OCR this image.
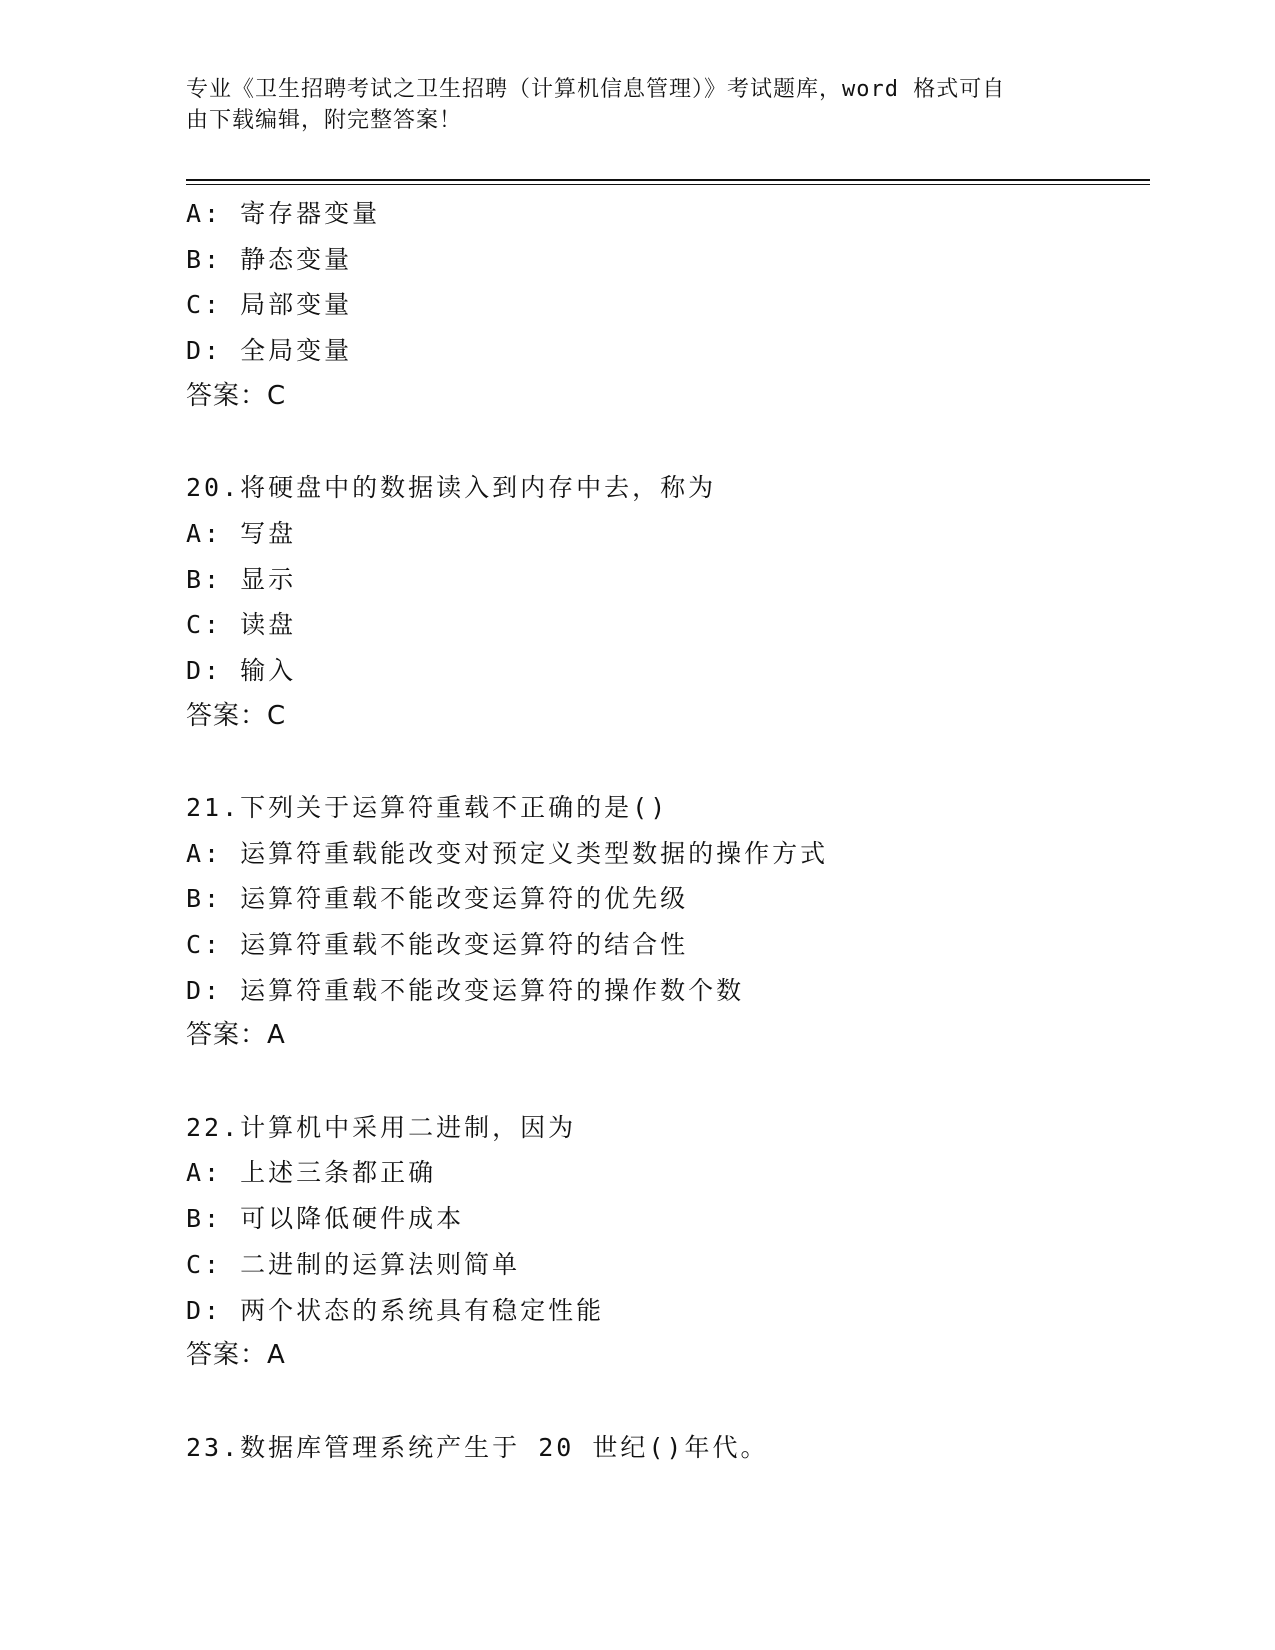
专业《卫生招聘考试之卫生招聘（计算机信息管理）》考试题库，word 格式可自
由下载编辑，附完整答案！
A: 寄存器变量
B: 静态变量
C: 局部变量
D: 全局变量
答案：C
20.将硬盘中的数据读入到内存中去，称为
A: 写盘
B: 显示
C: 读盘
D: 输入
答案：C
21.下列关于运算符重载不正确的是()
A: 运算符重载能改变对预定义类型数据的操作方式
B: 运算符重载不能改变运算符的优先级
C: 运算符重载不能改变运算符的结合性
D: 运算符重载不能改变运算符的操作数个数
答案：A
22.计算机中采用二进制，因为
A: 上述三条都正确
B: 可以降低硬件成本
C: 二进制的运算法则简单
D: 两个状态的系统具有稳定性能
答案：A
23.数据库管理系统产生于 20 世纪()年代。
